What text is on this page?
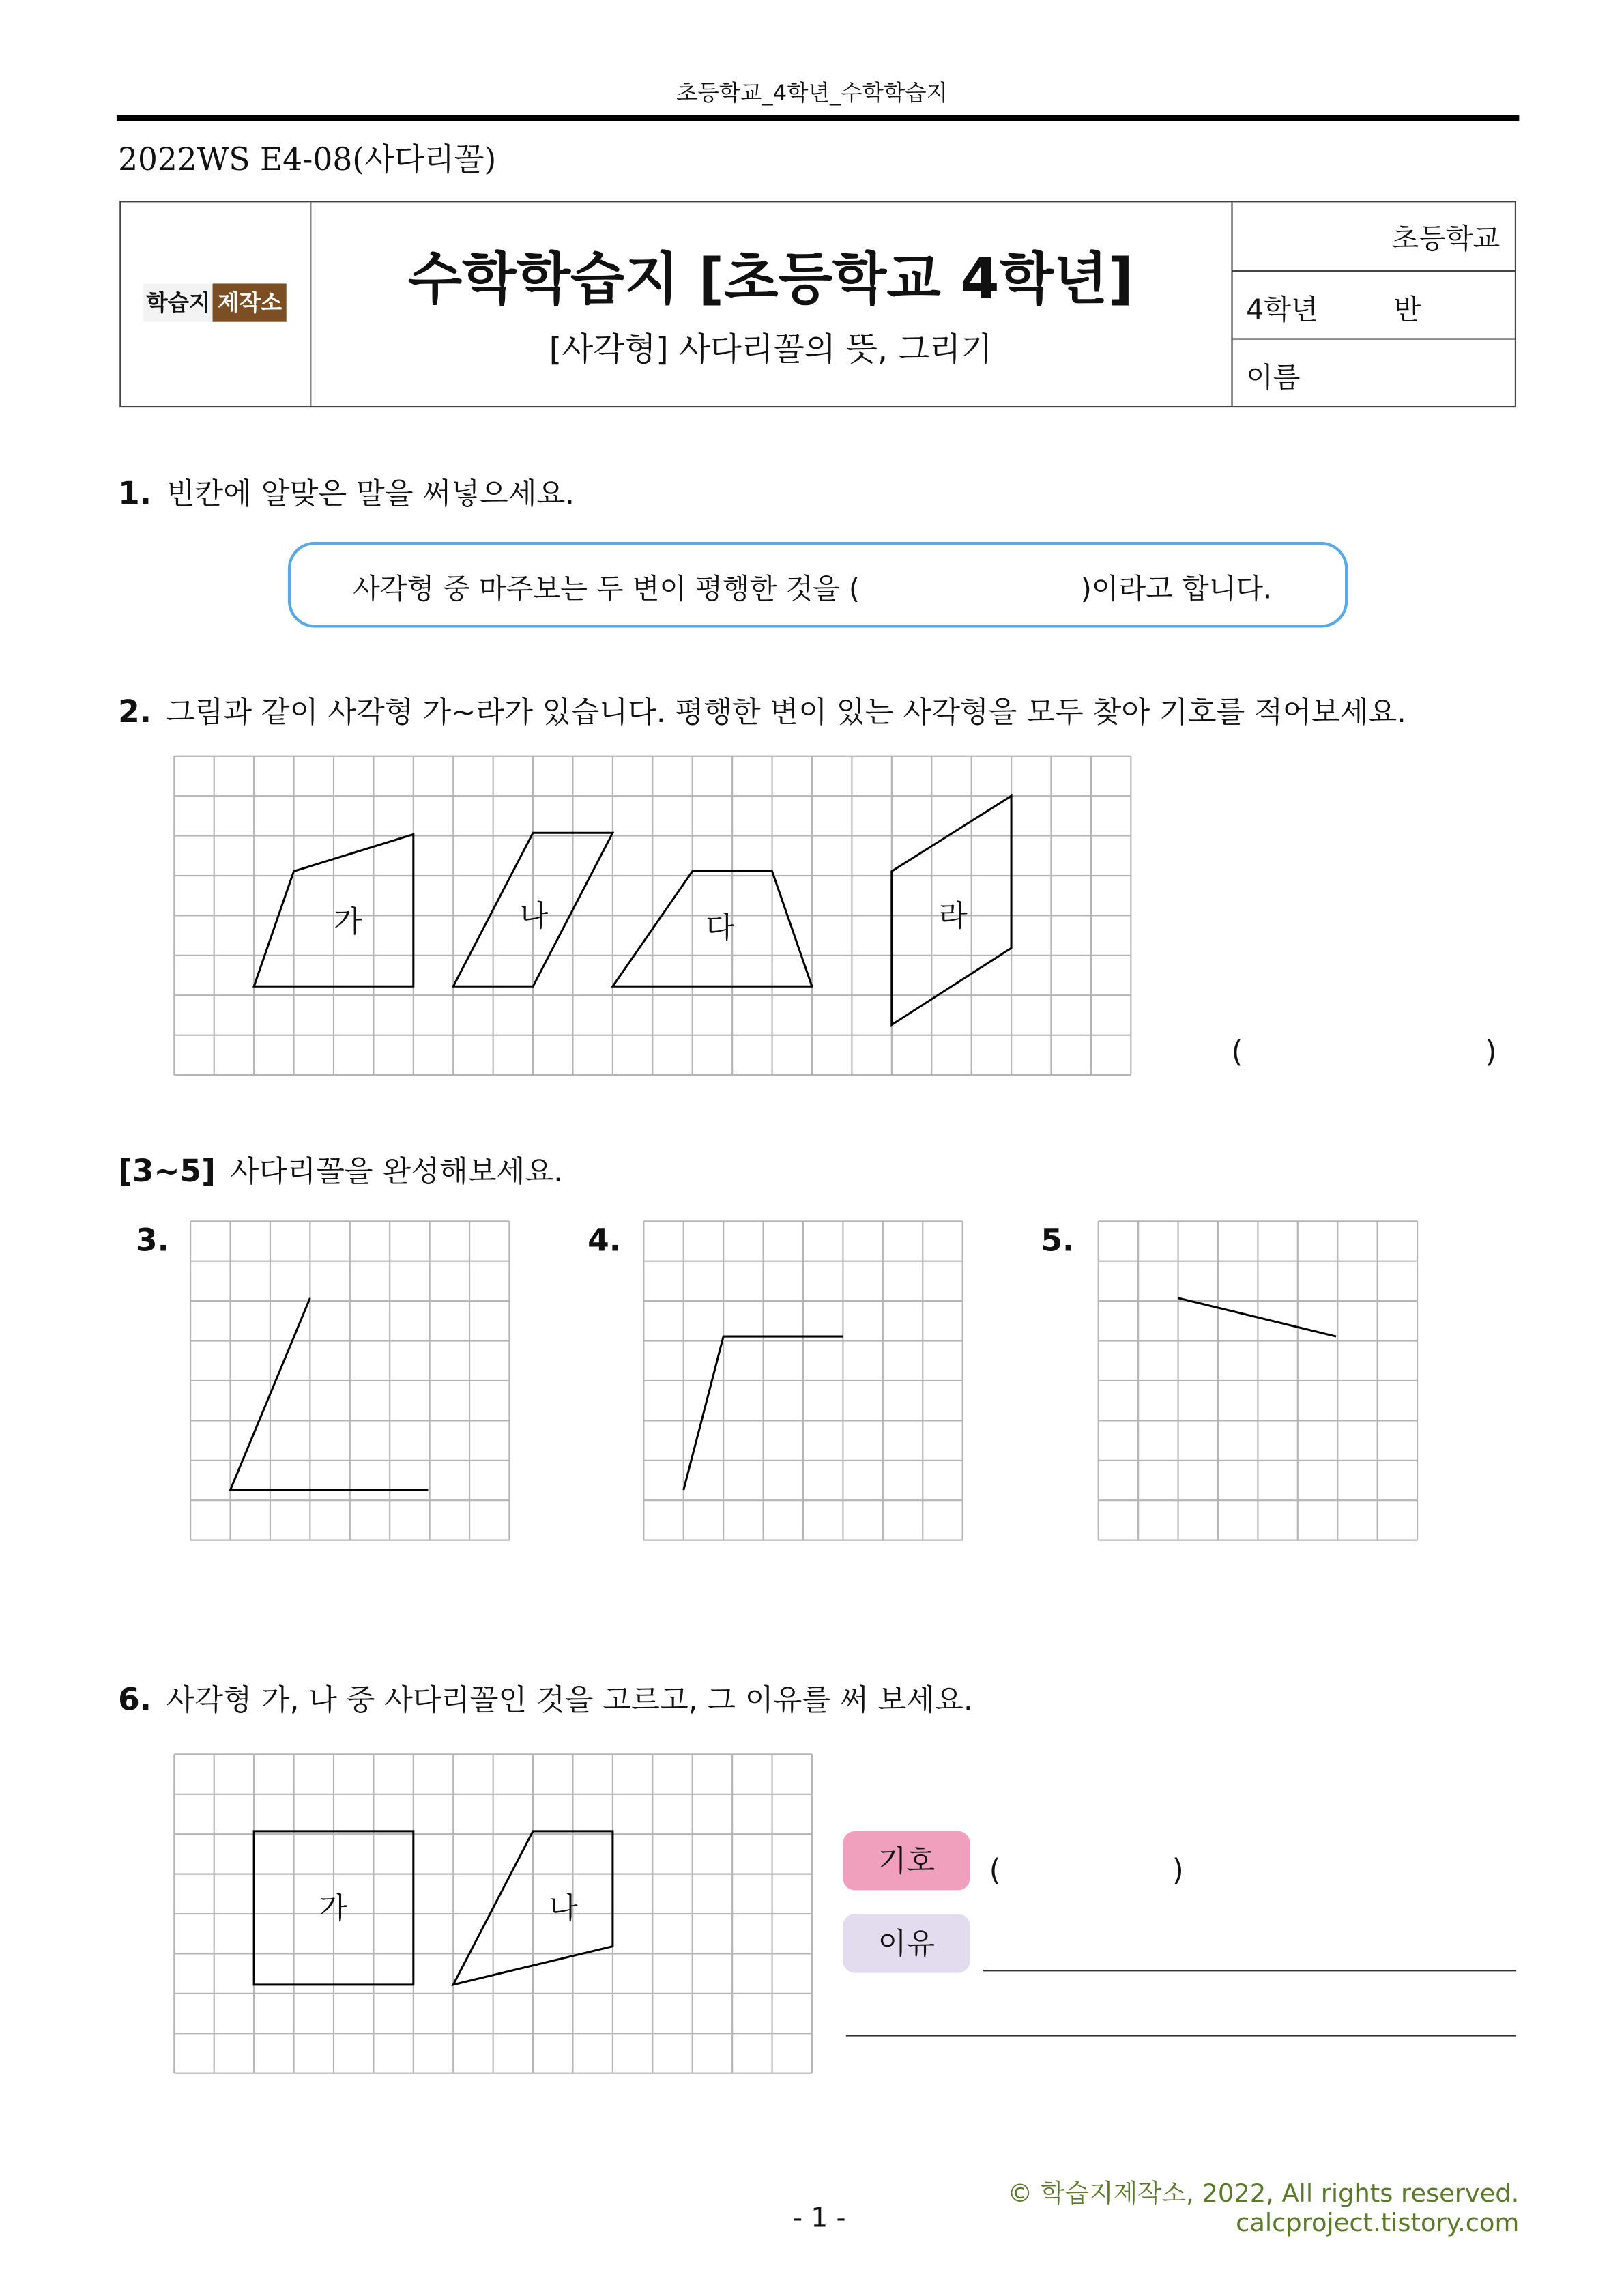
초등학교_4학년_수학학습지
2022WS E4-08(사다리꼴)
초등학교
4학년	반
이름
학습지 제작소	수학학습지 [초등학교 4학년]
[사각형] 사다리꼴의 뜻, 그리기
1. 빈칸에 알맞은 말을 써넣으세요.
사각형 중 마주보는 두 변이 평행한 것을 (	)이라고 합니다.
2. 그림과 같이 사각형 가~라가 있습니다. 평행한 변이 있는 사각형을 모두 찾아 기호를 적어보세요.
가	나	다	라
(	)
[3~5] 사다리꼴을 완성해보세요.
3.	4.	5.
6. 사각형 가, 나 중 사다리꼴인 것을 고르고, 그 이유를 써 보세요.
가	나
기호	(	)
이유
- 1 -
© 학습지제작소, 2022, All rights reserved.
calcproject.tistory.com
